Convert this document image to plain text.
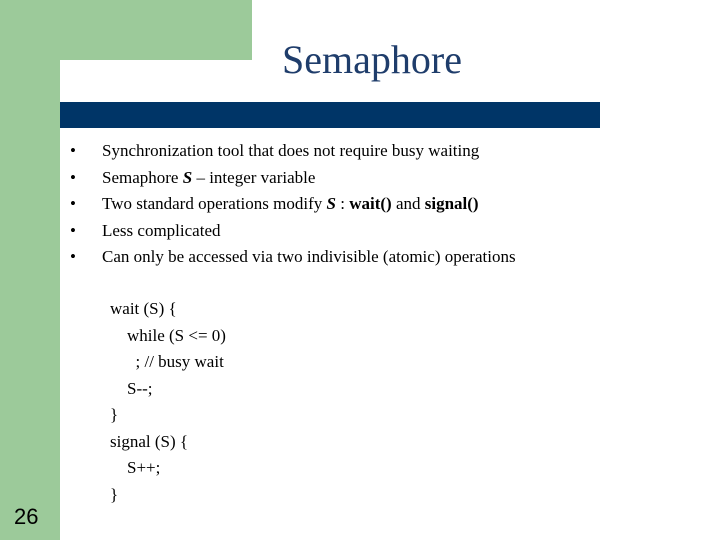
Semaphore
• Synchronization tool that does not require busy waiting
• Semaphore S – integer variable
• Two standard operations modify S : wait() and signal()
• Less complicated
• Can only be accessed via two indivisible (atomic) operations
wait (S) {
while (S <= 0)
; // busy wait
S--;
}
signal (S) {
S++;
}
26
